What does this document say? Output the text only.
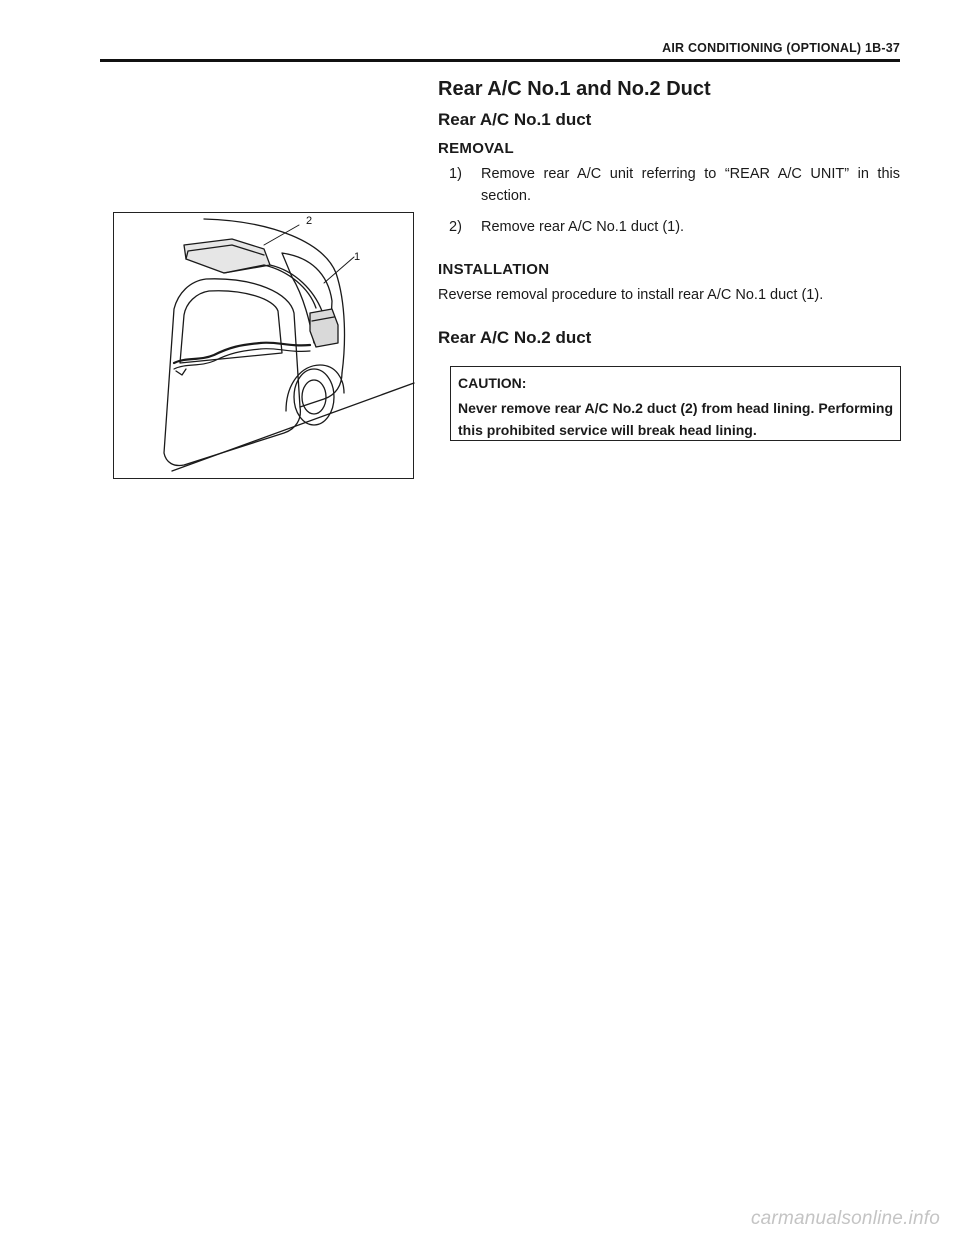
AIR CONDITIONING (OPTIONAL) 1B-37
2
1
Rear A/C No.1 and No.2 Duct
Rear A/C No.1 duct
REMOVAL
1)	Remove rear A/C unit referring to “REAR A/C UNIT” in this section.
2)	Remove rear A/C No.1 duct (1).
INSTALLATION
Reverse removal procedure to install rear A/C No.1 duct (1).
Rear A/C No.2 duct
CAUTION:
Never remove rear A/C No.2 duct (2) from head lining. Performing this prohibited service will break head lining.
carmanualsonline.info
